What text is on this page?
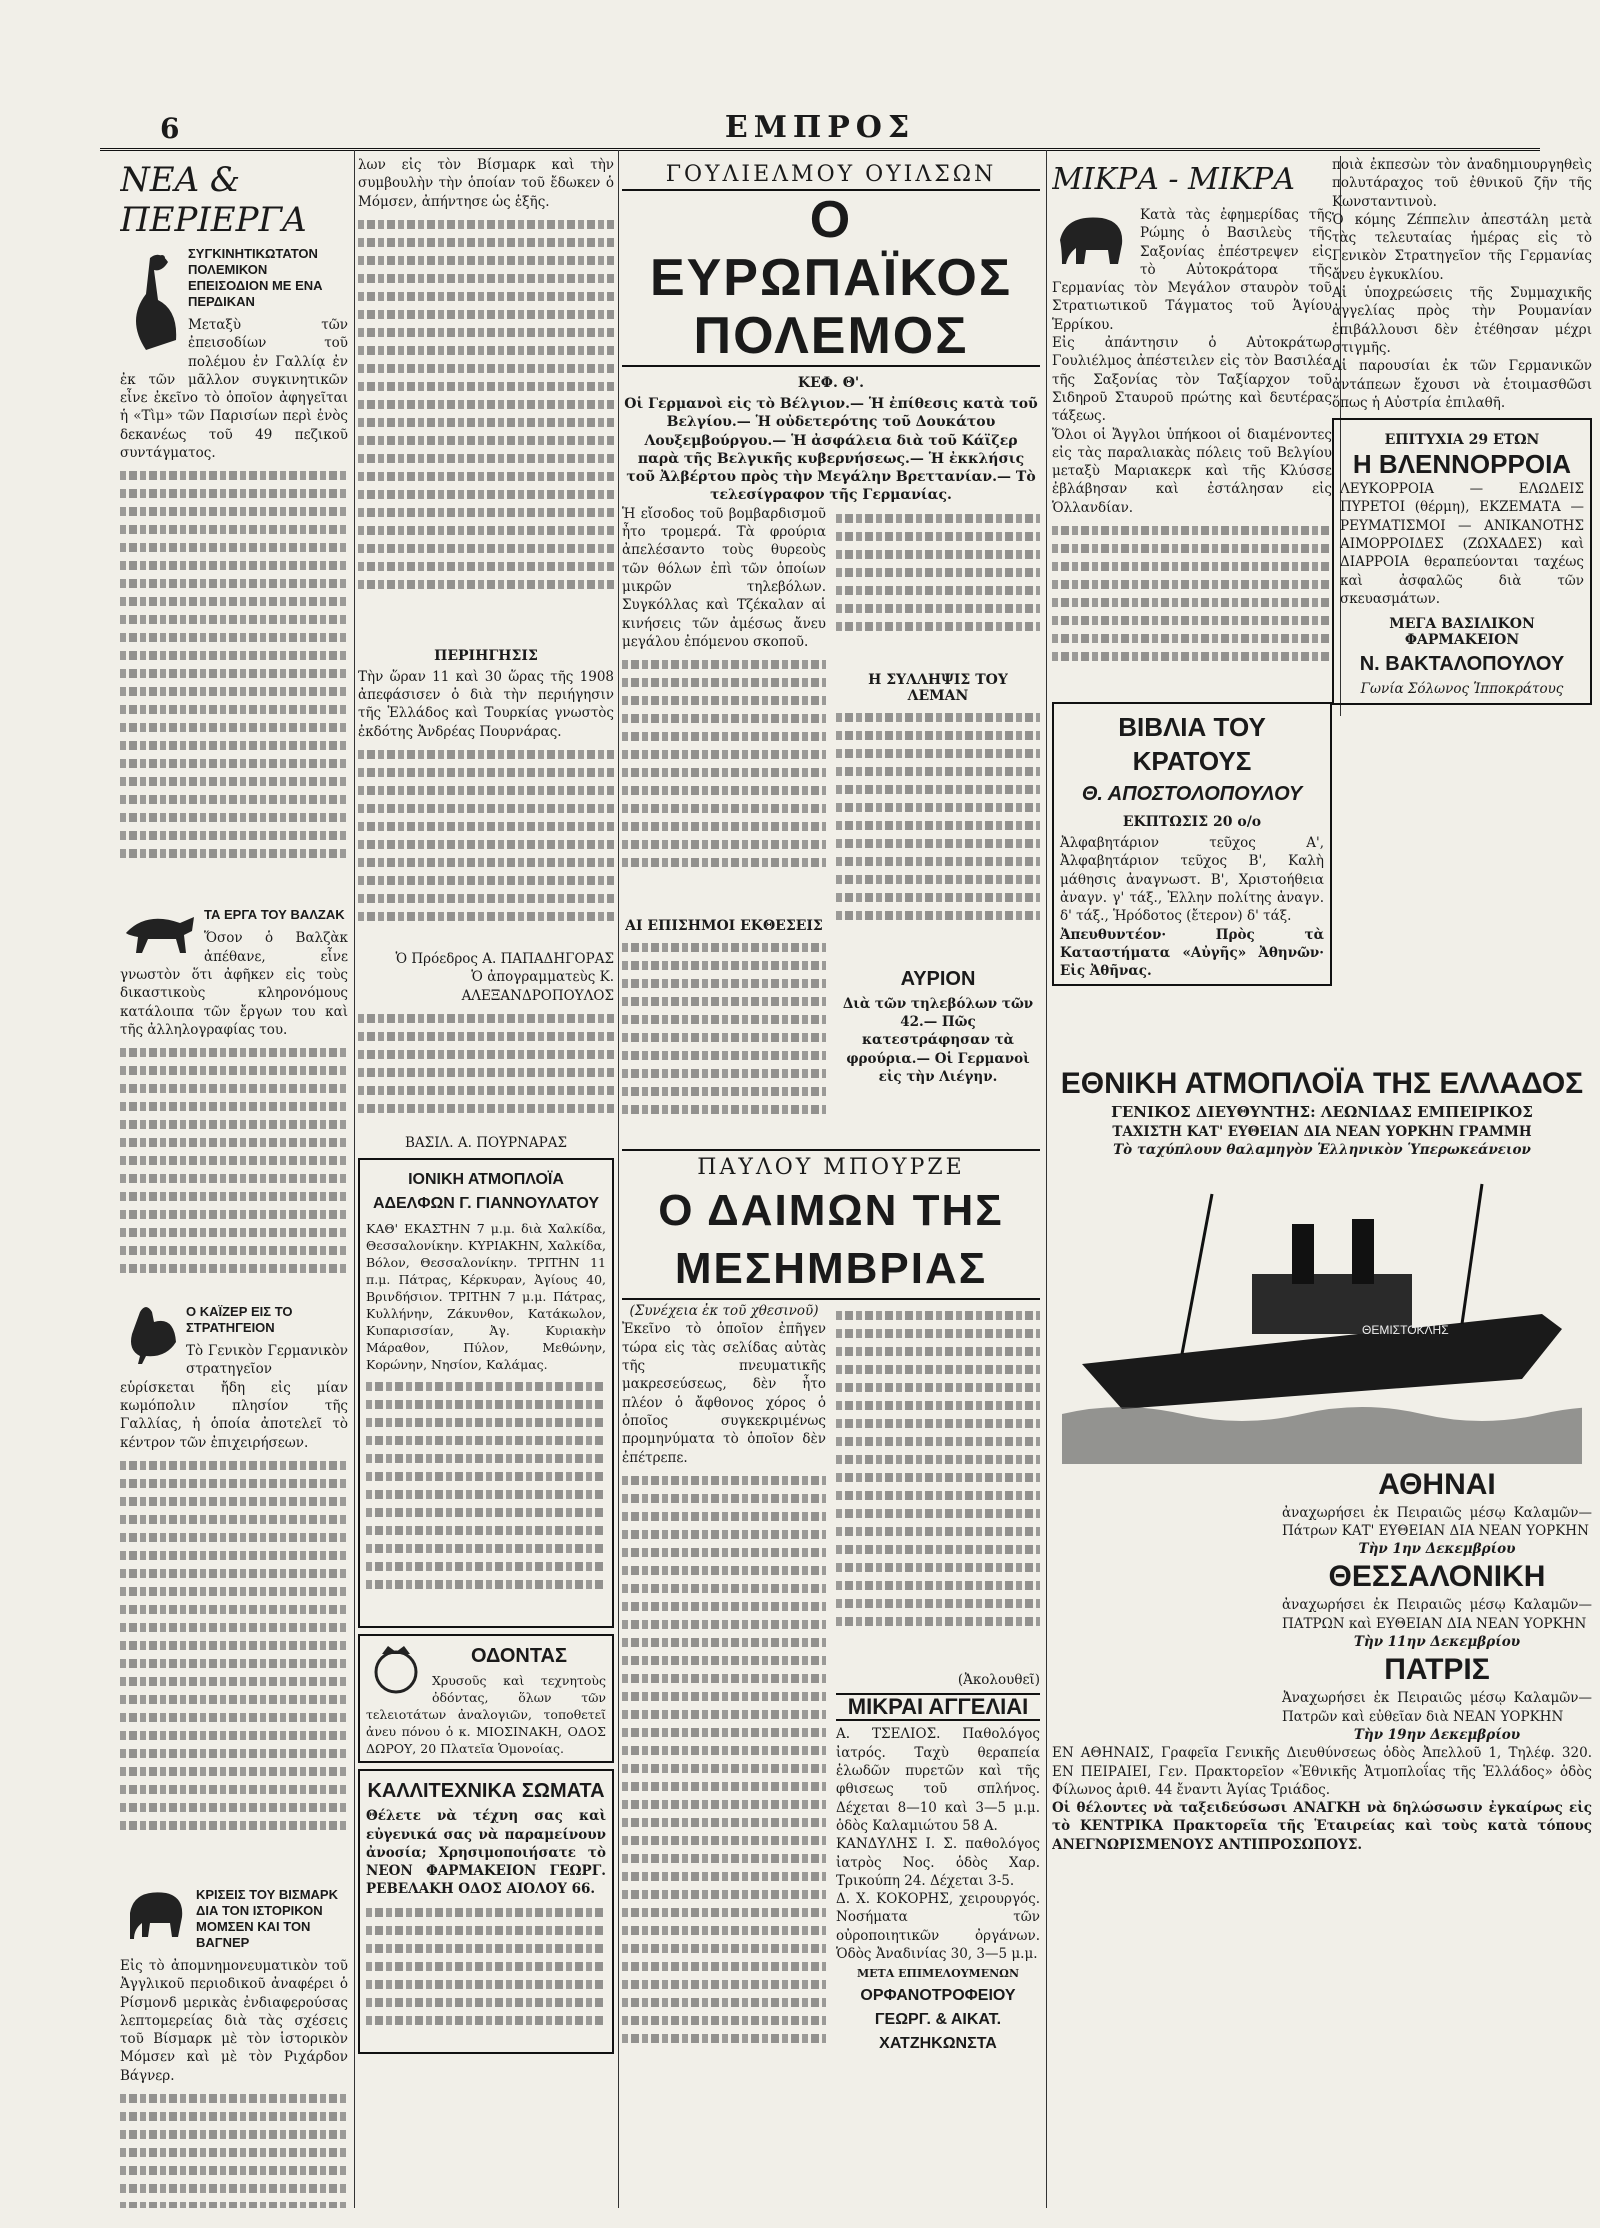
6	ΕΜΠΡΟΣ
ΝΕΑ & ΠΕΡΙΕΡΓΑ

ΣΥΓΚΙΝΗΤΙΚΩΤΑΤΟΝ ΠΟΛΕΜΙΚΟΝ ΕΠΕΙΣΟΔΙΟΝ ΜΕ ΕΝΑ ΠΕΡΔΙΚΑΝ

Μεταξὺ τῶν ἐπεισοδίων τοῦ πολέμου ἐν Γαλλίᾳ ἐν ἐκ τῶν μᾶλλον συγκινητικῶν εἶνε ἐκεῖνο τὸ ὁποῖον ἀφηγεῖται ἡ «Τὶμ» τῶν Παρισίων περὶ ἑνὸς δεκανέως τοῦ 49 πεζικοῦ συντάγματος.

ΤΑ ΕΡΓΑ ΤΟΥ ΒΑΛΖΑΚ

Ὅσον ὁ Βαλζὰκ ἀπέθανε, εἶνε γνωστὸν ὅτι ἀφῆκεν εἰς τοὺς δικαστικοὺς κληρονόμους κατάλοιπα τῶν ἔργων του καὶ τῆς ἀλληλογραφίας του.

Ο ΚΑΪΖΕΡ ΕΙΣ ΤΟ ΣΤΡΑΤΗΓΕΙΟΝ

Τὸ Γενικὸν Γερμανικὸν στρατηγεῖον εὑρίσκεται ἤδη εἰς μίαν κωμόπολιν πλησίον τῆς Γαλλίας, ἡ ὁποία ἀποτελεῖ τὸ κέντρον τῶν ἐπιχειρήσεων.

ΚΡΙΣΕΙΣ ΤΟΥ ΒΙΣΜΑΡΚ ΔΙΑ ΤΟΝ ΙΣΤΟΡΙΚΟΝ ΜΟΜΣΕΝ ΚΑΙ ΤΟΝ ΒΑΓΝΕΡ

Εἰς τὸ ἀπομνημονευματικὸν τοῦ Ἀγγλικοῦ περιοδικοῦ ἀναφέρει ὁ Ρίσμονδ μερικὰς ἐνδιαφερούσας λεπτομερείας διὰ τὰς σχέσεις τοῦ Βίσμαρκ μὲ τὸν ἱστορικὸν Μόμσεν καὶ μὲ τὸν Ριχάρδον Βάγνερ.

λων εἰς τὸν Βίσμαρκ καὶ τὴν συμβουλὴν τὴν ὁποίαν τοῦ ἔδωκεν ὁ Μόμσεν, ἀπήντησε ὡς ἑξῆς.

ΠΕΡΙΗΓΗΣΙΣ

Τὴν ὥραν 11 καὶ 30 ὥρας τῆς 1908 ἀπεφάσισεν ὁ διὰ τὴν περιήγησιν τῆς Ἑλλάδος καὶ Τουρκίας γνωστὸς ἐκδότης Ἀνδρέας Πουρνάρας.

Ὁ Πρόεδρος Α. ΠΑΠΑΔΗΓΟΡΑΣ

Ὁ ἀπογραμματεὺς Κ. ΑΛΕΞΑΝΔΡΟΠΟΥΛΟΣ

ΒΑΣΙΛ. Α. ΠΟΥΡΝΑΡΑΣ

ΙΟΝΙΚΗ ΑΤΜΟΠΛΟΪΑ ΑΔΕΛΦΩΝ Γ. ΓΙΑΝΝΟΥΛΑΤΟΥ

ΚΑΘ' ΕΚΑΣΤΗΝ 7 μ.μ. διὰ Χαλκίδα, Θεσσαλονίκην. ΚΥΡΙΑΚΗΝ, Χαλκίδα, Βόλον, Θεσσαλονίκην. ΤΡΙΤΗΝ 11 π.μ. Πάτρας, Κέρκυραν, Ἀγίους 40, Βρινδήσιον. ΤΡΙΤΗΝ 7 μ.μ. Πάτρας, Κυλλήνην, Ζάκυνθον, Κατάκωλον, Κυπαρισσίαν, Ἀγ. Κυριακὴν Μάραθον, Πύλον, Μεθώνην, Κορώνην, Νησίον, Καλάμας.

ΟΔΟΝΤΑΣ

Χρυσοῦς καὶ τεχνητοὺς ὀδόντας, ὅλων τῶν τελειοτάτων ἀναλογιῶν, τοποθετεῖ ἀνευ πόνου ὁ κ. ΜΙΟΣΙΝΑΚΗ, ΟΔΟΣ ΔΩΡΟΥ, 20 Πλατεῖα Ὁμονοίας.

ΚΑΛΛΙΤΕΧΝΙΚΑ ΣΩΜΑΤΑ

Θέλετε νὰ τέχνη σας καὶ εὐγενικά σας νὰ παραμείνουν ἀνοσία; Χρησιμοποιήσατε τὸ ΝΕΟΝ ΦΑΡΜΑΚΕΙΟΝ ΓΕΩΡΓ. ΡΕΒΕΛΑΚΗ ΟΔΟΣ ΑΙΟΛΟΥ 66.

ΓΟΥΛΙΕΛΜΟΥ ΟΥΙΛΣΩΝ

Ο ΕΥΡΩΠΑΪΚΟΣ ΠΟΛΕΜΟΣ

ΚΕΦ. Θ'.

Οἱ Γερμανοὶ εἰς τὸ Βέλγιον.— Ἡ ἐπίθεσις κατὰ τοῦ Βελγίου.— Ἡ οὐδετερότης τοῦ Δουκάτου Λουξεμβούργου.— Ἡ ἀσφάλεια διὰ τοῦ Κάϊζερ παρὰ τῆς Βελγικῆς κυβερνήσεως.— Ἡ ἐκκλήσις τοῦ Ἀλβέρτου πρὸς τὴν Μεγάλην Βρεττανίαν.— Τὸ τελεσίγραφον τῆς Γερμανίας.

Ἡ εἴσοδος τοῦ βομβαρδισμοῦ ἦτο τρομερά. Τὰ φρούρια ἀπελέσαντο τοὺς θυρεοὺς τῶν θόλων ἐπὶ τῶν ὁποίων μικρῶν τηλεβόλων. Συγκόλλας καὶ Τζέκαλαν αἱ κινήσεις τῶν ἀμέσως ἄνευ μεγάλου ἐπόμενου σκοποῦ.

ΑΙ ΕΠΙΣΗΜΟΙ ΕΚΘΕΣΕΙΣ

Η ΣΥΛΛΗΨΙΣ ΤΟΥ ΛΕΜΑΝ

ΑΥΡΙΟΝ

Διὰ τῶν τηλεβόλων τῶν 42.— Πῶς κατεστράφησαν τὰ φρούρια.— Οἱ Γερμανοὶ εἰς τὴν Λιέγην.

ΠΑΥΛΟΥ ΜΠΟΥΡΖΕ

Ο ΔΑΙΜΩΝ ΤΗΣ ΜΕΣΗΜΒΡΙΑΣ

(Συνέχεια ἐκ τοῦ χθεσινοῦ)

Ἐκεῖνο τὸ ὁποῖον ἐπῆγεν τώρα εἰς τὰς σελίδας αὐτὰς τῆς πνευματικῆς μακρεσεύσεως, δὲν ἦτο πλέον ὁ ἄφθονος χόρος ὁ ὁποῖος συγκεκριμένως προμηνύματα τὸ ὁποῖον δὲν ἐπέτρεπε.

(Ἀκολουθεῖ)

ΜΙΚΡΑΙ ΑΓΓΕΛΙΑΙ

Α. ΤΣΕΛΙΟΣ. Παθολόγος ἰατρός. Ταχὺ θεραπεία ἑλωδῶν πυρετῶν καὶ τῆς φθισεως τοῦ σπλήνος. Δέχεται 8—10 καὶ 3—5 μ.μ. ὁδὸς Καλαμιώτου 58 Α.

ΚΑΝΔΥΛΗΣ Ι. Σ. παθολόγος ἰατρὸς Νος. ὁδὸς Χαρ. Τρικούπη 24. Δέχεται 3-5.

Δ. Χ. ΚΟΚΟΡΗΣ, χειρουργός. Νοσήματα τῶν οὐροποιητικῶν ὀργάνων. Ὁδὸς Ἀναδινίας 30, 3—5 μ.μ.

ΜΕΤΑ ΕΠΙΜΕΛΟΥΜΕΝΩΝ

ΟΡΦΑΝΟΤΡΟΦΕΙΟΥ ΓΕΩΡΓ. & ΑΙΚΑΤ. ΧΑΤΖΗΚΩΝΣΤΑ

ΜΙΚΡΑ - ΜΙΚΡΑ

Κατὰ τὰς ἐφημερίδας τῆς Ρώμης ὁ Βασιλεὺς τῆς Σαξονίας ἐπέστρεψεν εἰς τὸ Αὐτοκράτορα τῆς Γερμανίας τὸν Μεγάλον σταυρὸν τοῦ Στρατιωτικοῦ Τάγματος τοῦ Ἁγίου Ἑρρίκου.

Εἰς ἀπάντησιν ὁ Αὐτοκράτωρ Γουλιέλμος ἀπέστειλεν εἰς τὸν Βασιλέα τῆς Σαξονίας τὸν Ταξίαρχον τοῦ Σιδηροῦ Σταυροῦ πρώτης καὶ δευτέρας τάξεως.

Ὅλοι οἱ Ἄγγλοι ὑπήκοοι οἱ διαμένοντες εἰς τὰς παραλιακὰς πόλεις τοῦ Βελγίου μεταξὺ Μαριακερκ καὶ τῆς Κλύσσε ἐβλάβησαν καὶ ἐστάλησαν εἰς Ὁλλανδίαν.

ΒΙΒΛΙΑ ΤΟΥ ΚΡΑΤΟΥΣ

Θ. ΑΠΟΣΤΟΛΟΠΟΥΛΟΥ

ΕΚΠΤΩΣΙΣ 20 ο/ο

Ἀλφαβητάριον τεῦχος Α', Ἀλφαβητάριον τεῦχος Β', Καλὴ μάθησις ἀναγνωστ. Β', Χριστοήθεια ἀναγν. γ' τάξ., Ἑλλην πολίτης ἀναγν. δ' τάξ., Ἡρόδοτος (ἔτερον) δ' τάξ.

Ἀπευθυντέον· Πρὸς τὰ Καταστήματα «Αὐγῆς» Ἀθηνῶν· Εἰς Ἀθῆνας.

ποιὰ ἐκπεσὼν τὸν ἀναδημιουργηθεὶς πολυτάραχος τοῦ ἐθνικοῦ ζῆν τῆς Κωνσταντινοὺ.

Ὁ κόμης Ζέππελιν ἀπεστάλη μετὰ τὰς τελευταίας ἡμέρας εἰς τὸ Γενικὸν Στρατηγεῖον τῆς Γερμανίας ἄνευ ἐγκυκλίου.

Αἱ ὑποχρεώσεις τῆς Συμμαχικῆς ἀγγελίας πρὸς τὴν Ρουμανίαν ἐπιβάλλουσι δὲν ἐτέθησαν μέχρι στιγμῆς.

Αἱ παρουσίαι ἐκ τῶν Γερμανικῶν ἀντάπεων ἔχουσι νὰ ἑτοιμασθῶσι ὅπως ἡ Αὐστρία ἐπιλαθῆ.

ΕΠΙΤΥΧΙΑ 29 ΕΤΩΝ

Η ΒΛΕΝΝΟΡΡΟΙΑ

ΛΕΥΚΟΡΡΟΙΑ — ΕΛΩΔΕΙΣ ΠΥΡΕΤΟΙ (θέρμη), ΕΚΖΕΜΑΤΑ — ΡΕΥΜΑΤΙΣΜΟΙ — ΑΝΙΚΑΝΟΤΗΣ ΑΙΜΟΡΡΟΙΔΕΣ (ΖΩΧΑΔΕΣ) καὶ ΔΙΑΡΡΟΙΑ θεραπεύονται ταχέως καὶ ἀσφαλῶς διὰ τῶν σκευασμάτων.

ΜΕΓΑ ΒΑΣΙΛΙΚΟΝ ΦΑΡΜΑΚΕΙΟΝ

Ν. ΒΑΚΤΑΛΟΠΟΥΛΟΥ

Γωνία Σόλωνος Ἱπποκράτους

ΕΘΝΙΚΗ ΑΤΜΟΠΛΟΪΑ ΤΗΣ ΕΛΛΑΔΟΣ

ΓΕΝΙΚΟΣ ΔΙΕΥΘΥΝΤΗΣ: ΛΕΩΝΙΔΑΣ ΕΜΠΕΙΡΙΚΟΣ

ΤΑΧΙΣΤΗ ΚΑΤ' ΕΥΘΕΙΑΝ ΔΙΑ ΝΕΑΝ ΥΟΡΚΗΝ ΓΡΑΜΜΗ

Τὸ ταχύπλουν θαλαμηγὸν Ἑλληνικὸν Ὑπερωκεάνειον

ΘΕΜΙΣΤΟΚΛΗΣ

ΑΘΗΝΑΙ

ἀναχωρήσει ἐκ Πειραιῶς μέσῳ Καλαμῶν—Πάτρων ΚΑΤ' ΕΥΘΕΙΑΝ ΔΙΑ ΝΕΑΝ ΥΟΡΚΗΝ

Τὴν 1ην Δεκεμβρίου

ΘΕΣΣΑΛΟΝΙΚΗ

ἀναχωρήσει ἐκ Πειραιῶς μέσῳ Καλαμῶν—ΠΑΤΡΩΝ καὶ ΕΥΘΕΙΑΝ ΔΙΑ ΝΕΑΝ ΥΟΡΚΗΝ

Τὴν 11ην Δεκεμβρίου

ΠΑΤΡΙΣ

Ἀναχωρήσει ἐκ Πειραιῶς μέσῳ Καλαμῶν—Πατρῶν καὶ εὐθεῖαν διὰ ΝΕΑΝ ΥΟΡΚΗΝ

Τὴν 19ην Δεκεμβρίου

ΕΝ ΑΘΗΝΑΙΣ, Γραφεῖα Γενικῆς Διευθύνσεως ὁδὸς Ἀπελλοῦ 1, Τηλέφ. 320. ΕΝ ΠΕΙΡΑΙΕΙ, Γεν. Πρακτορεῖον «Ἐθνικῆς Ἀτμοπλοΐας τῆς Ἑλλάδος» ὁδὸς Φίλωνος ἀριθ. 44 ἔναντι Ἁγίας Τριάδος.

Οἱ θέλοντες νὰ ταξειδεύσωσι ΑΝΑΓΚΗ νὰ δηλώσωσιν ἐγκαίρως εἰς τὸ ΚΕΝΤΡΙΚΑ Πρακτορεῖα τῆς Ἑταιρείας καὶ τοὺς κατὰ τόπους ΑΝΕΓΝΩΡΙΣΜΕΝΟΥΣ ΑΝΤΙΠΡΟΣΩΠΟΥΣ.
